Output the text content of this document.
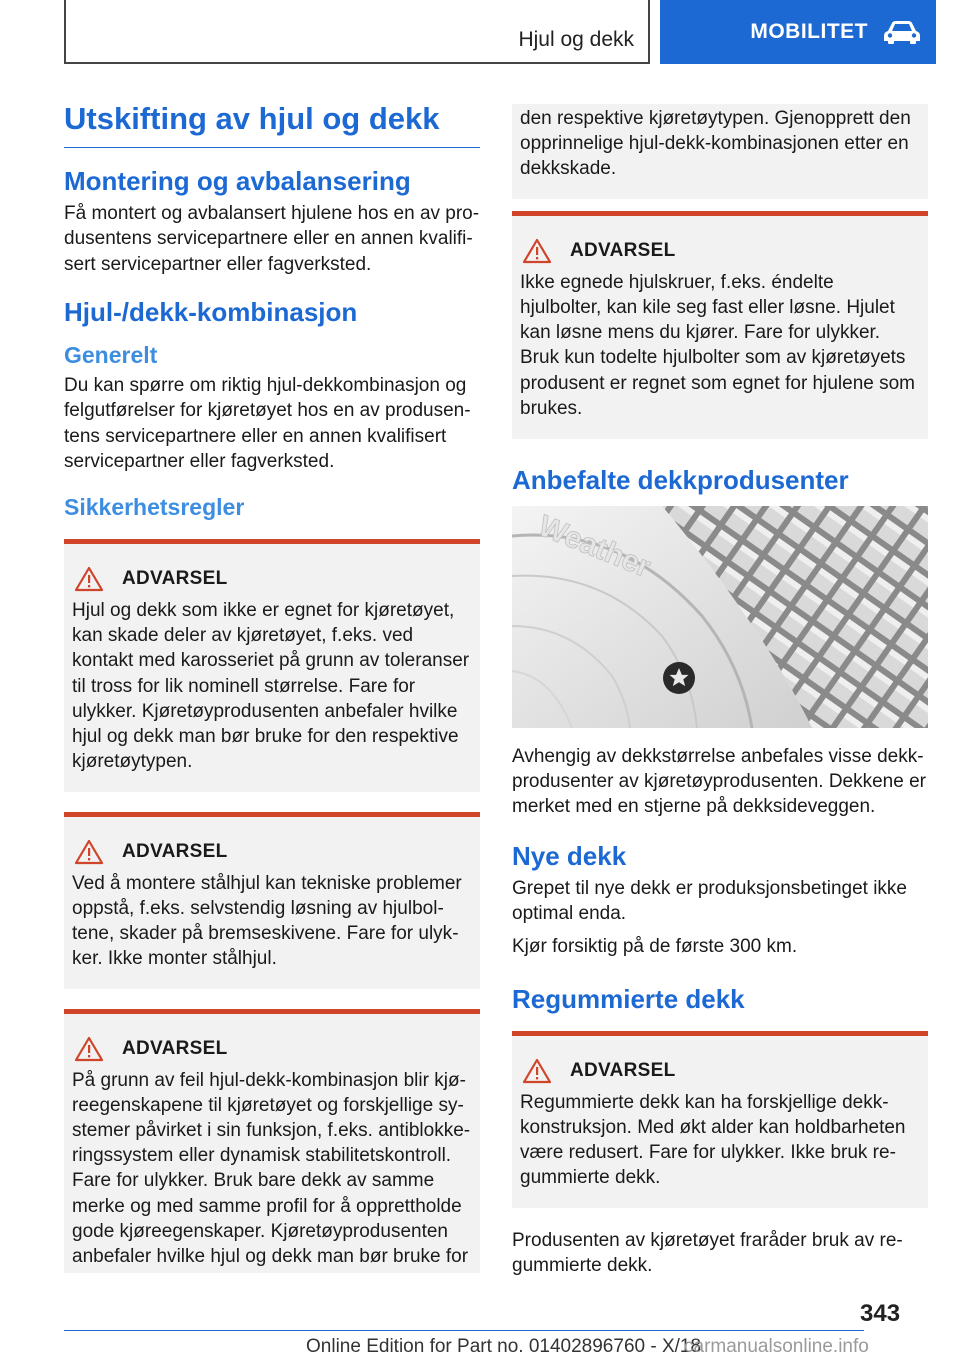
Hjul og dekk	MOBILITET
Utskifting av hjul og dekk
Montering og avbalansering

Få montert og avbalansert hjulene hos en av produsentens servicepartnere eller en annen kvalifisert servicepartner eller fagverksted.

Hjul-/dekk-kombinasjon
Generelt

Du kan spørre om riktig hjul-dekkombinasjon og felgutførelser for kjøretøyet hos en av produsentens servicepartnere eller en annen kvalifisert servicepartner eller fagverksted.

Sikkerhetsregler
ADVARSEL
Hjul og dekk som ikke er egnet for kjøretøyet, kan skade deler av kjøretøyet, f.eks. ved kontakt med karosseriet på grunn av toleranser til tross for lik nominell størrelse. Fare for ulykker. Kjøretøyprodusenten anbefaler hvilke hjul og dekk man bør bruke for den respektive kjøretøytypen.
ADVARSEL
Ved å montere stålhjul kan tekniske problemer oppstå, f.eks. selvstendig løsning av hjulboltene, skader på bremseskivene. Fare for ulykker. Ikke monter stålhjul.
ADVARSEL
På grunn av feil hjul-dekk-kombinasjon blir kjøreegenskapene til kjøretøyet og forskjellige systemer påvirket i sin funksjon, f.eks. antiblokkeringssystem eller dynamisk stabilitetskontroll. Fare for ulykker. Bruk bare dekk av samme merke og med samme profil for å opprettholde gode kjøreegenskaper. Kjøretøyprodusenten anbefaler hvilke hjul og dekk man bør bruke for
den respektive kjøretøytypen. Gjenopprett den opprinnelige hjul-dekk-kombinasjonen etter en dekkskade.
ADVARSEL
Ikke egnede hjulskruer, f.eks. éndelte hjulbolter, kan kile seg fast eller løsne. Hjulet kan løsne mens du kjører. Fare for ulykker. Bruk kun todelte hjulbolter som av kjøretøyets produsent er regnet som egnet for hjulene som brukes.
Anbefalte dekkprodusenter
Weather

Avhengig av dekkstørrelse anbefales visse dekkprodusenter av kjøretøyprodusenten. Dekkene er merket med en stjerne på dekksideveggen.

Nye dekk

Grepet til nye dekk er produksjonsbetinget ikke optimal enda.

Kjør forsiktig på de første 300 km.

Regummierte dekk
ADVARSEL
Regummierte dekk kan ha forskjellige dekkkonstruksjon. Med økt alder kan holdbarheten være redusert. Fare for ulykker. Ikke bruk regummierte dekk.

Produsenten av kjøretøyet fraråder bruk av regummierte dekk.

343
Online Edition for Part no. 01402896760 - X/18
carmanualsonline.info
